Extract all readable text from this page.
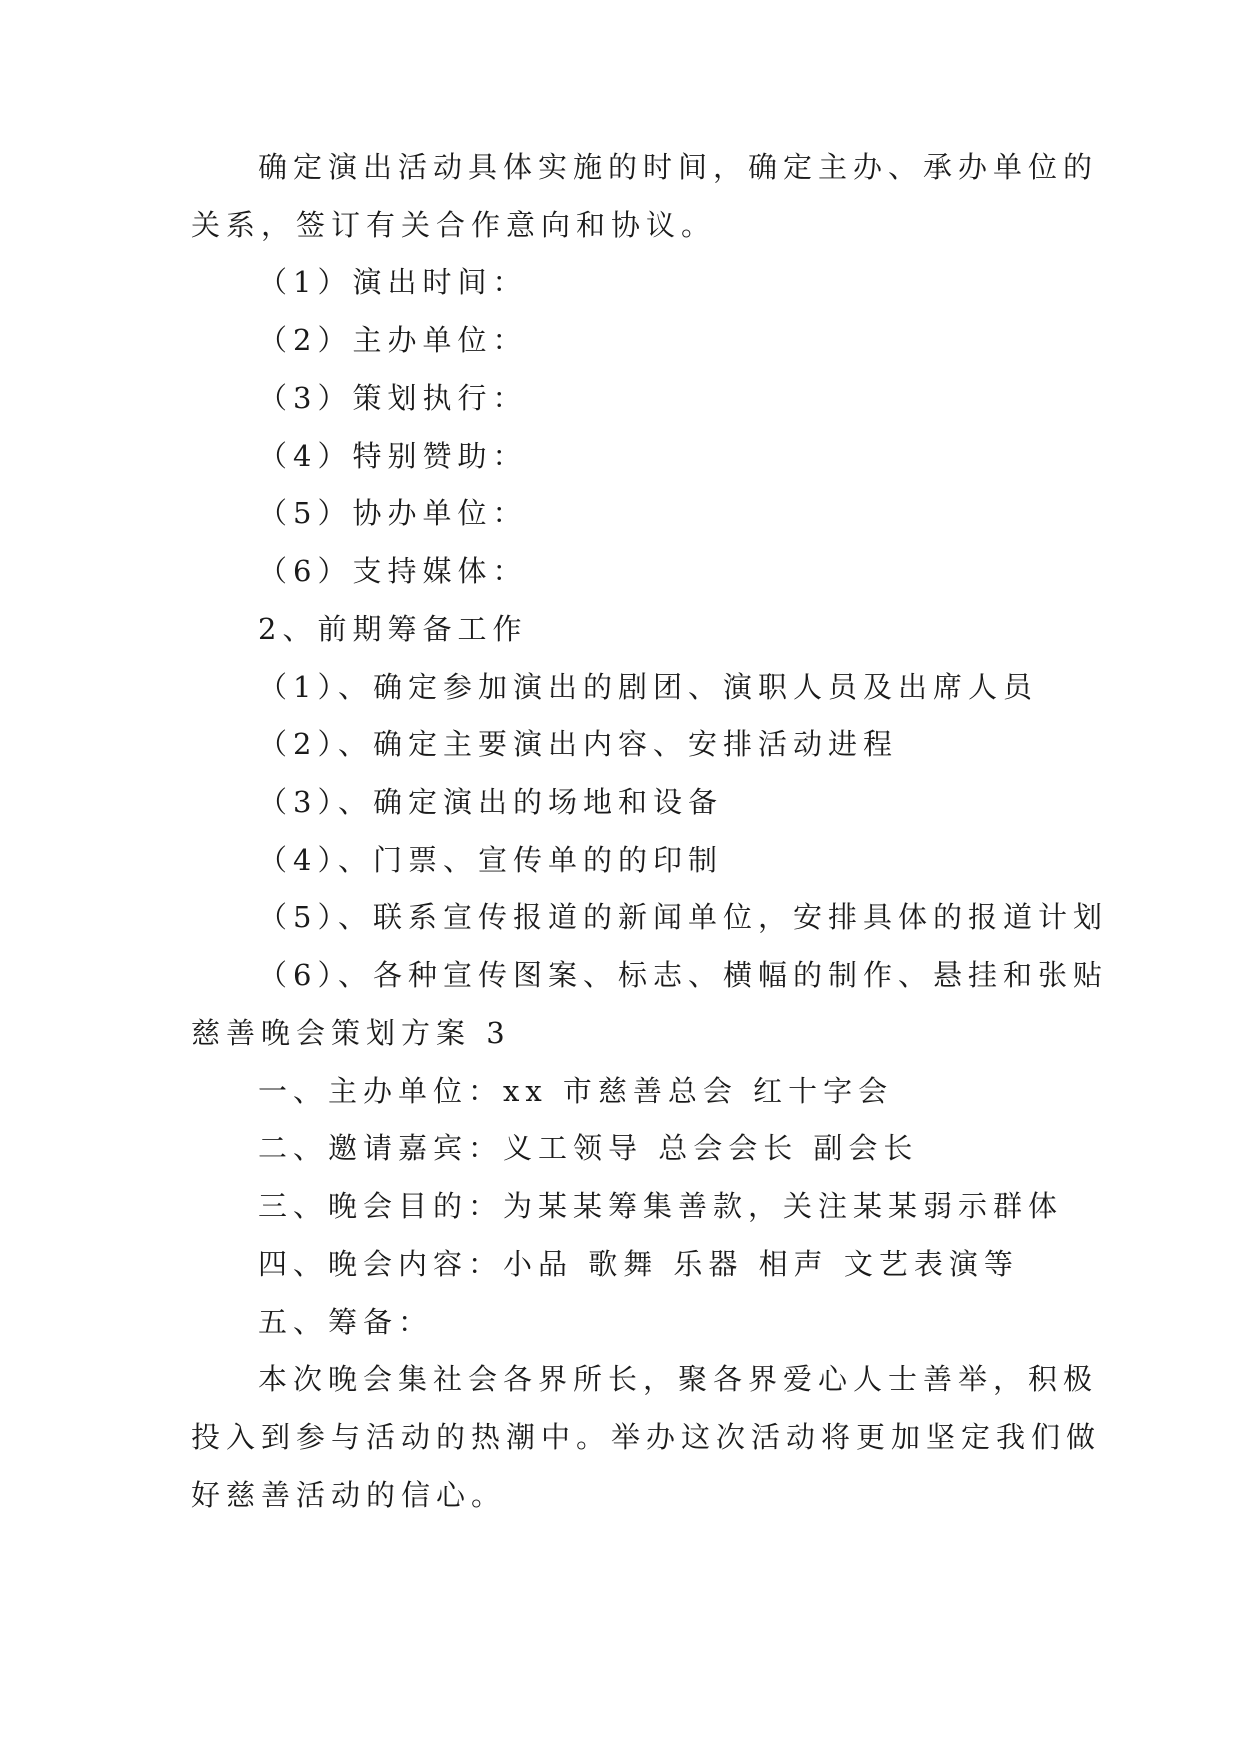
确定演出活动具体实施的时间，确定主办、承办单位的
关系，签订有关合作意向和协议。
（1）演出时间：
（2）主办单位：
（3）策划执行：
（4）特别赞助：
（5）协办单位：
（6）支持媒体：
2、前期筹备工作
（1）、确定参加演出的剧团、演职人员及出席人员
（2）、确定主要演出内容、安排活动进程
（3）、确定演出的场地和设备
（4）、门票、宣传单的的印制
（5）、联系宣传报道的新闻单位，安排具体的报道计划
（6）、各种宣传图案、标志、横幅的制作、悬挂和张贴
慈善晚会策划方案 3
一、主办单位：xx 市慈善总会 红十字会
二、邀请嘉宾：义工领导 总会会长 副会长
三、晚会目的：为某某筹集善款，关注某某弱示群体
四、晚会内容：小品 歌舞 乐器 相声 文艺表演等
五、筹备：
本次晚会集社会各界所长，聚各界爱心人士善举，积极
投入到参与活动的热潮中。举办这次活动将更加坚定我们做
好慈善活动的信心。
